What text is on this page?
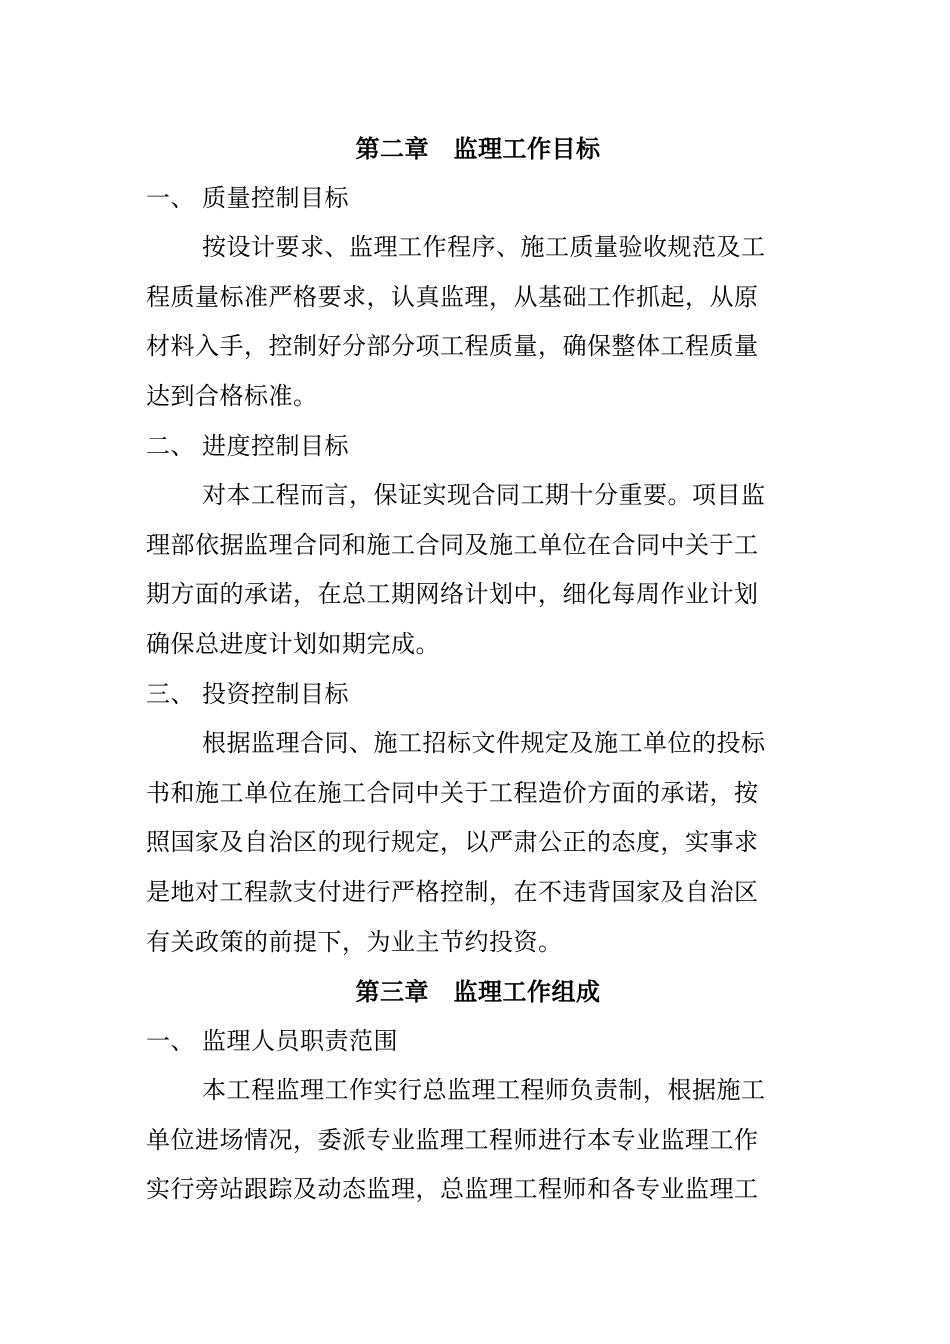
第二章　监理工作目标
一、 质量控制目标
按设计要求、监理工作程序、施工质量验收规范及工
程质量标准严格要求，认真监理，从基础工作抓起，从原
材料入手，控制好分部分项工程质量，确保整体工程质量
达到合格标准。
二、 进度控制目标
对本工程而言，保证实现合同工期十分重要。项目监
理部依据监理合同和施工合同及施工单位在合同中关于工
期方面的承诺，在总工期网络计划中，细化每周作业计划
确保总进度计划如期完成。
三、 投资控制目标
根据监理合同、施工招标文件规定及施工单位的投标
书和施工单位在施工合同中关于工程造价方面的承诺，按
照国家及自治区的现行规定，以严肃公正的态度，实事求
是地对工程款支付进行严格控制，在不违背国家及自治区
有关政策的前提下，为业主节约投资。
第三章　监理工作组成
一、 监理人员职责范围
本工程监理工作实行总监理工程师负责制，根据施工
单位进场情况，委派专业监理工程师进行本专业监理工作
实行旁站跟踪及动态监理，总监理工程师和各专业监理工
